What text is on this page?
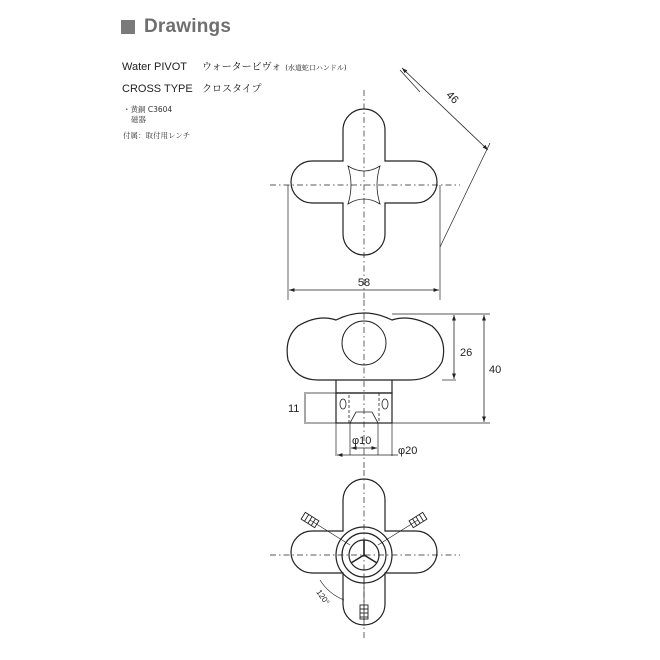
Drawings
Water PIVOT	ウォータービヴォ (水道蛇口ハンドル)
CROSS TYPE クロスタイプ
・黄銅 C3604
磁器
付属：取付用レンチ
46
58
26
40
11
φ10
φ20
120°
